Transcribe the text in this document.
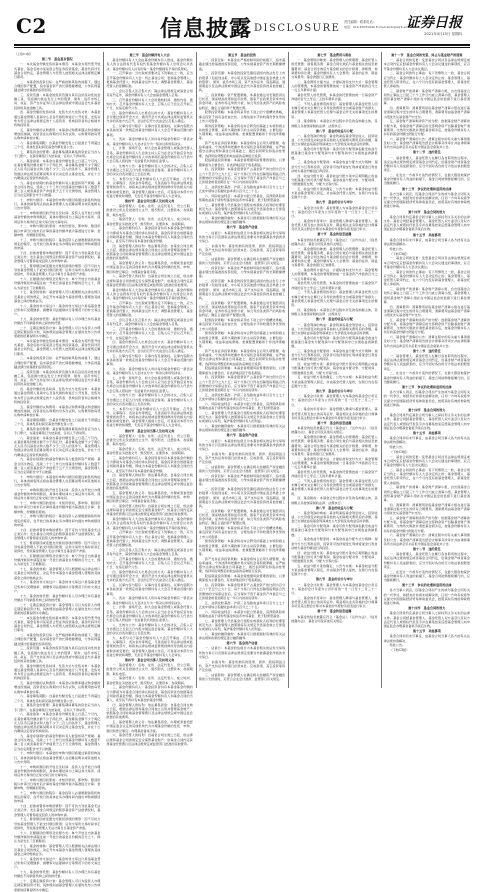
C2	信息披露 DISCLOSURE
责任编辑：联系电话：
电话：010-63070000 E-mail:zqrb@zqrb.sina.net
证券日报
2021年4月15日 星期四

（上接C1版）

第二节　基金基本情况

一、本次基金份额发售的基本情况：本基金为契约型开放式基金，基金名称为某某混合型证券投资基金，基金代码详见基金合同约定，基金管理人与托管人按照相关法律法规规定履行职责。

二、本基金的投资目标：在严格控制风险的前提下，通过合理的资产配置，追求基金资产的长期稳健增值，力争获得超越业绩比较基准的投资回报。

三、投资范围：本基金的投资范围为具有良好流动性的金融工具，包括国内依法发行上市的股票、债券、货币市场工具、权证、资产支持证券以及法律法规或中国证监会允许基金投资的其他金融工具。

四、基金份额的发售时间、发售方式与发售对象：本基金通过基金管理人直销中心及各代销机构进行公开发售，发售对象为符合法律法规规定的个人投资者、机构投资者和合格境外机构投资者。

五、基金份额的认购费用：本基金认购费率随认购金额的增加而递减，投资者在认购期内可多次认购，认购费用按每笔认购申请单独计算。

六、基金募集期限：自基金份额发售之日起最长不得超过三个月，具体发售时间见基金份额发售公告。

七、募集资金的管理：基金募集期间募集的资金应当存入专门账户，在基金募集行为结束前，任何人不得动用。

八、基金备案：本基金自基金份额发售之日起三个月内，在基金募集份额总额不少于两亿份，基金募集金额不少于两亿元人民币且基金认购人数不少于二百人的条件下，基金管理人依据法律法规及招募说明书可以决定停止基金发售，并在十日内聘请法定验资机构验资。

九、基金存续期内的基金份额持有人数量和资产规模：基金合同生效后，连续二十个工作日出现基金份额持有人数量不满二百人或者基金资产净值低于五千万元情形的，基金管理人应当在定期报告中予以披露。

十、申购与赎回：本基金的申购与赎回将通过销售机构进行，具体的销售网点将由基金管理人在招募说明书或其他相关公告中列明。

十一、申购和赎回的开放日及时间：投资人在开放日办理基金份额的申购和赎回，具体办理时间为上海证券交易所、深圳证券交易所的正常交易日的交易时间。

十二、申购与赎回的原则：未知价原则，即申购、赎回价格以申请当日收市后计算的基金份额净值为基准进行计算；金额申购、份额赎回原则。

十三、申购与赎回的程序：基金投资人必须根据销售机构规定的程序，在开放日的具体业务办理时间内提出申购或赎回的申请。

十四、拒绝或暂停申购的情形：因不可抗力导致基金无法正常运作；发生基金合同规定的暂停基金资产估值情况时，基金管理人可暂停接受投资人的申购申请。

十五、暂停赎回或延缓支付赎回款项的情形：因不可抗力导致基金管理人不能支付赎回款项；证券交易所交易时间非正常停市，导致基金管理人无法计算当日基金资产净值。

十六、巨额赎回的情形及处理方式：单个开放日内的基金份额净赎回申请超过前一开放日的基金总份额的百分之十，即认为是发生了巨额赎回。

十七、基金的转换：基金管理人可以根据相关法律法规以及基金合同的规定，决定开办本基金与基金管理人管理的其他基金之间的转换业务。

十八、基金的非交易过户：基金的非交易过户是指基金登记机构只受理继承、捐赠和司法强制执行等情况下的非交易过户。

十九、基金的转托管：基金份额持有人可办理已持有基金份额在不同销售机构之间的转托管。

二十、定期定额投资计划：基金管理人可以为投资人办理定期定额投资计划，具体规则由基金管理人在届时发布公告或更新的招募说明书中确定。

一、本次基金份额发售的基本情况：本基金为契约型开放式基金，基金名称为某某混合型证券投资基金，基金代码详见基金合同约定，基金管理人与托管人按照相关法律法规规定履行职责。

二、本基金的投资目标：在严格控制风险的前提下，通过合理的资产配置，追求基金资产的长期稳健增值，力争获得超越业绩比较基准的投资回报。

三、投资范围：本基金的投资范围为具有良好流动性的金融工具，包括国内依法发行上市的股票、债券、货币市场工具、权证、资产支持证券以及法律法规或中国证监会允许基金投资的其他金融工具。

四、基金份额的发售时间、发售方式与发售对象：本基金通过基金管理人直销中心及各代销机构进行公开发售，发售对象为符合法律法规规定的个人投资者、机构投资者和合格境外机构投资者。

五、基金份额的认购费用：本基金认购费率随认购金额的增加而递减，投资者在认购期内可多次认购，认购费用按每笔认购申请单独计算。

六、基金募集期限：自基金份额发售之日起最长不得超过三个月，具体发售时间见基金份额发售公告。

七、募集资金的管理：基金募集期间募集的资金应当存入专门账户，在基金募集行为结束前，任何人不得动用。

八、基金备案：本基金自基金份额发售之日起三个月内，在基金募集份额总额不少于两亿份，基金募集金额不少于两亿元人民币且基金认购人数不少于二百人的条件下，基金管理人依据法律法规及招募说明书可以决定停止基金发售，并在十日内聘请法定验资机构验资。

九、基金存续期内的基金份额持有人数量和资产规模：基金合同生效后，连续二十个工作日出现基金份额持有人数量不满二百人或者基金资产净值低于五千万元情形的，基金管理人应当在定期报告中予以披露。

十、申购与赎回：本基金的申购与赎回将通过销售机构进行，具体的销售网点将由基金管理人在招募说明书或其他相关公告中列明。

十一、申购和赎回的开放日及时间：投资人在开放日办理基金份额的申购和赎回，具体办理时间为上海证券交易所、深圳证券交易所的正常交易日的交易时间。

十二、申购与赎回的原则：未知价原则，即申购、赎回价格以申请当日收市后计算的基金份额净值为基准进行计算；金额申购、份额赎回原则。

十三、申购与赎回的程序：基金投资人必须根据销售机构规定的程序，在开放日的具体业务办理时间内提出申购或赎回的申请。

十四、拒绝或暂停申购的情形：因不可抗力导致基金无法正常运作；发生基金合同规定的暂停基金资产估值情况时，基金管理人可暂停接受投资人的申购申请。

十五、暂停赎回或延缓支付赎回款项的情形：因不可抗力导致基金管理人不能支付赎回款项；证券交易所交易时间非正常停市，导致基金管理人无法计算当日基金资产净值。

十六、巨额赎回的情形及处理方式：单个开放日内的基金份额净赎回申请超过前一开放日的基金总份额的百分之十，即认为是发生了巨额赎回。

十七、基金的转换：基金管理人可以根据相关法律法规以及基金合同的规定，决定开办本基金与基金管理人管理的其他基金之间的转换业务。

十八、基金的非交易过户：基金的非交易过户是指基金登记机构只受理继承、捐赠和司法强制执行等情况下的非交易过户。

十九、基金的转托管：基金份额持有人可办理已持有基金份额在不同销售机构之间的转托管。

二十、定期定额投资计划：基金管理人可以为投资人办理定期定额投资计划，具体规则由基金管理人在届时发布公告或更新的招募说明书中确定。

一、本次基金份额发售的基本情况：本基金为契约型开放式基金，基金名称为某某混合型证券投资基金，基金代码详见基金合同约定，基金管理人与托管人按照相关法律法规规定履行职责。

二、本基金的投资目标：在严格控制风险的前提下，通过合理的资产配置，追求基金资产的长期稳健增值，力争获得超越业绩比较基准的投资回报。

三、投资范围：本基金的投资范围为具有良好流动性的金融工具，包括国内依法发行上市的股票、债券、货币市场工具、权证、资产支持证券以及法律法规或中国证监会允许基金投资的其他金融工具。

四、基金份额的发售时间、发售方式与发售对象：本基金通过基金管理人直销中心及各代销机构进行公开发售，发售对象为符合法律法规规定的个人投资者、机构投资者和合格境外机构投资者。

五、基金份额的认购费用：本基金认购费率随认购金额的增加而递减，投资者在认购期内可多次认购，认购费用按每笔认购申请单独计算。

六、基金募集期限：自基金份额发售之日起最长不得超过三个月，具体发售时间见基金份额发售公告。

七、募集资金的管理：基金募集期间募集的资金应当存入专门账户，在基金募集行为结束前，任何人不得动用。

八、基金备案：本基金自基金份额发售之日起三个月内，在基金募集份额总额不少于两亿份，基金募集金额不少于两亿元人民币且基金认购人数不少于二百人的条件下，基金管理人依据法律法规及招募说明书可以决定停止基金发售，并在十日内聘请法定验资机构验资。

九、基金存续期内的基金份额持有人数量和资产规模：基金合同生效后，连续二十个工作日出现基金份额持有人数量不满二百人或者基金资产净值低于五千万元情形的，基金管理人应当在定期报告中予以披露。

十、申购与赎回：本基金的申购与赎回将通过销售机构进行，具体的销售网点将由基金管理人在招募说明书或其他相关公告中列明。

十一、申购和赎回的开放日及时间：投资人在开放日办理基金份额的申购和赎回，具体办理时间为上海证券交易所、深圳证券交易所的正常交易日的交易时间。

十二、申购与赎回的原则：未知价原则，即申购、赎回价格以申请当日收市后计算的基金份额净值为基准进行计算；金额申购、份额赎回原则。

十三、申购与赎回的程序：基金投资人必须根据销售机构规定的程序，在开放日的具体业务办理时间内提出申购或赎回的申请。

十四、拒绝或暂停申购的情形：因不可抗力导致基金无法正常运作；发生基金合同规定的暂停基金资产估值情况时，基金管理人可暂停接受投资人的申购申请。

十五、暂停赎回或延缓支付赎回款项的情形：因不可抗力导致基金管理人不能支付赎回款项；证券交易所交易时间非正常停市，导致基金管理人无法计算当日基金资产净值。

十六、巨额赎回的情形及处理方式：单个开放日内的基金份额净赎回申请超过前一开放日的基金总份额的百分之十，即认为是发生了巨额赎回。

十七、基金的转换：基金管理人可以根据相关法律法规以及基金合同的规定，决定开办本基金与基金管理人管理的其他基金之间的转换业务。

十八、基金的非交易过户：基金的非交易过户是指基金登记机构只受理继承、捐赠和司法强制执行等情况下的非交易过户。

十九、基金的转托管：基金份额持有人可办理已持有基金份额在不同销售机构之间的转托管。

二十、定期定额投资计划：基金管理人可以为投资人办理定期定额投资计划，具体规则由基金管理人在届时发布公告或更新的招募说明书中确定。

第三节　基金份额持有人大会

基金份额持有人大会由基金份额持有人组成，基金份额持有人的合法授权代表有权代表基金份额持有人出席会议并表决。基金份额持有人持有的每一基金份额拥有平等的投票权。

一、召开事由：当出现或需要决定下列事由之一的，应当召开基金份额持有人大会：终止基金合同；更换基金管理人；更换基金托管人；转换基金运作方式；调整基金管理人、基金托管人的报酬标准。

二、会议召集人及召集方式：除法律法规规定或基金合同另有约定外，基金份额持有人大会由基金管理人召集。

三、召开基金份额持有人大会的通知时间、通知内容、通知方式：召开基金份额持有人大会，召集人应于会议召开前三十日，在指定媒介公告。

四、基金份额持有人出席会议的方式：基金份额持有人大会可通过现场开会方式、通讯开会方式或法律法规和监管机关允许的其他方式召开，会议的召开方式由会议召集人确定。

五、议事内容与程序：议事内容及提案权，议事内容限为本条前述第一款规定的基金份额持有人大会召开事由范围内的事项。

六、表决：基金份额持有人所持每份基金份额有一票表决权。基金份额持有人大会决议分为一般决议和特别决议。

七、计票：现场开会，如大会由基金管理人或基金托管人召集，基金份额持有人大会的主持人应当在会议开始后宣布在出席会议的基金份额持有人中选举两名基金份额持有人代表与大会召集人授权的一名监督员共同担任监票人。

八、生效与公告：基金份额持有人大会的决议，召集人应当自通过之日起五日内报中国证监会备案。基金份额持有人大会的决议自表决通过之日起生效。

九、本部分关于基金份额持有人大会召开事由、召开条件、议事程序、表决条件等规定，凡是直接引用法律法规或监管规则的部分，如将来法律法规或监管规则修改导致相关内容被取消或变更的，基金管理人提前公告后，可直接对本部分内容进行修改和调整，无需召开基金份额持有人大会审议。

第四节　基金合同当事人及权利义务

一、基金管理人：名称、住所、法定代表人、设立日期、批准设立机关及批准设立文号、组织形式、注册资本、存续期限、联系电话。

二、基金托管人：名称、住所、法定代表人、成立时间、基金托管业务批准文号、组织形式、注册资本、存续期间。

三、基金份额持有人：基金投资者持有本基金基金份额的行为即视为对基金合同的承认和接受，基金投资者自依据基金合同取得基金份额，即成为本基金份额持有人和基金合同的当事人，直至其不再持有本基金的基金份额。

四、基金管理人的权利：依法募集资金；自基金合同生效之日起，根据法律法规和基金合同独立运用并管理基金财产；依照基金合同收取基金管理费以及法律法规规定或中国证监会批准的其他费用。

五、基金管理人的义务：依法募集资金，办理或者委托经中国证监会认定的其他机构代为办理基金份额的发售、申购、赎回和登记事宜；办理基金备案手续。

六、基金托管人的权利：自基金合同生效之日起，依法律法规和基金合同的规定安全保管基金财产；依基金合同约定获得基金托管费以及法律法规规定或监管部门批准的其他费用。

基金份额持有人大会由基金份额持有人组成，基金份额持有人的合法授权代表有权代表基金份额持有人出席会议并表决。基金份额持有人持有的每一基金份额拥有平等的投票权。

一、召开事由：当出现或需要决定下列事由之一的，应当召开基金份额持有人大会：终止基金合同；更换基金管理人；更换基金托管人；转换基金运作方式；调整基金管理人、基金托管人的报酬标准。

二、会议召集人及召集方式：除法律法规规定或基金合同另有约定外，基金份额持有人大会由基金管理人召集。

三、召开基金份额持有人大会的通知时间、通知内容、通知方式：召开基金份额持有人大会，召集人应于会议召开前三十日，在指定媒介公告。

四、基金份额持有人出席会议的方式：基金份额持有人大会可通过现场开会方式、通讯开会方式或法律法规和监管机关允许的其他方式召开，会议的召开方式由会议召集人确定。

五、议事内容与程序：议事内容及提案权，议事内容限为本条前述第一款规定的基金份额持有人大会召开事由范围内的事项。

六、表决：基金份额持有人所持每份基金份额有一票表决权。基金份额持有人大会决议分为一般决议和特别决议。

七、计票：现场开会，如大会由基金管理人或基金托管人召集，基金份额持有人大会的主持人应当在会议开始后宣布在出席会议的基金份额持有人中选举两名基金份额持有人代表与大会召集人授权的一名监督员共同担任监票人。

八、生效与公告：基金份额持有人大会的决议，召集人应当自通过之日起五日内报中国证监会备案。基金份额持有人大会的决议自表决通过之日起生效。

九、本部分关于基金份额持有人大会召开事由、召开条件、议事程序、表决条件等规定，凡是直接引用法律法规或监管规则的部分，如将来法律法规或监管规则修改导致相关内容被取消或变更的，基金管理人提前公告后，可直接对本部分内容进行修改和调整，无需召开基金份额持有人大会审议。

第四节　基金合同当事人及权利义务

一、基金管理人：名称、住所、法定代表人、设立日期、批准设立机关及批准设立文号、组织形式、注册资本、存续期限、联系电话。

二、基金托管人：名称、住所、法定代表人、成立时间、基金托管业务批准文号、组织形式、注册资本、存续期间。

三、基金份额持有人：基金投资者持有本基金基金份额的行为即视为对基金合同的承认和接受，基金投资者自依据基金合同取得基金份额，即成为本基金份额持有人和基金合同的当事人，直至其不再持有本基金的基金份额。

四、基金管理人的权利：依法募集资金；自基金合同生效之日起，根据法律法规和基金合同独立运用并管理基金财产；依照基金合同收取基金管理费以及法律法规规定或中国证监会批准的其他费用。

五、基金管理人的义务：依法募集资金，办理或者委托经中国证监会认定的其他机构代为办理基金份额的发售、申购、赎回和登记事宜；办理基金备案手续。

六、基金托管人的权利：自基金合同生效之日起，依法律法规和基金合同的规定安全保管基金财产；依基金合同约定获得基金托管费以及法律法规规定或监管部门批准的其他费用。

基金份额持有人大会由基金份额持有人组成，基金份额持有人的合法授权代表有权代表基金份额持有人出席会议并表决。基金份额持有人持有的每一基金份额拥有平等的投票权。

一、召开事由：当出现或需要决定下列事由之一的，应当召开基金份额持有人大会：终止基金合同；更换基金管理人；更换基金托管人；转换基金运作方式；调整基金管理人、基金托管人的报酬标准。

二、会议召集人及召集方式：除法律法规规定或基金合同另有约定外，基金份额持有人大会由基金管理人召集。

三、召开基金份额持有人大会的通知时间、通知内容、通知方式：召开基金份额持有人大会，召集人应于会议召开前三十日，在指定媒介公告。

四、基金份额持有人出席会议的方式：基金份额持有人大会可通过现场开会方式、通讯开会方式或法律法规和监管机关允许的其他方式召开，会议的召开方式由会议召集人确定。

五、议事内容与程序：议事内容及提案权，议事内容限为本条前述第一款规定的基金份额持有人大会召开事由范围内的事项。

六、表决：基金份额持有人所持每份基金份额有一票表决权。基金份额持有人大会决议分为一般决议和特别决议。

七、计票：现场开会，如大会由基金管理人或基金托管人召集，基金份额持有人大会的主持人应当在会议开始后宣布在出席会议的基金份额持有人中选举两名基金份额持有人代表与大会召集人授权的一名监督员共同担任监票人。

八、生效与公告：基金份额持有人大会的决议，召集人应当自通过之日起五日内报中国证监会备案。基金份额持有人大会的决议自表决通过之日起生效。

九、本部分关于基金份额持有人大会召开事由、召开条件、议事程序、表决条件等规定，凡是直接引用法律法规或监管规则的部分，如将来法律法规或监管规则修改导致相关内容被取消或变更的，基金管理人提前公告后，可直接对本部分内容进行修改和调整，无需召开基金份额持有人大会审议。

第四节　基金合同当事人及权利义务

一、基金管理人：名称、住所、法定代表人、设立日期、批准设立机关及批准设立文号、组织形式、注册资本、存续期限、联系电话。

二、基金托管人：名称、住所、法定代表人、成立时间、基金托管业务批准文号、组织形式、注册资本、存续期间。

三、基金份额持有人：基金投资者持有本基金基金份额的行为即视为对基金合同的承认和接受，基金投资者自依据基金合同取得基金份额，即成为本基金份额持有人和基金合同的当事人，直至其不再持有本基金的基金份额。

四、基金管理人的权利：依法募集资金；自基金合同生效之日起，根据法律法规和基金合同独立运用并管理基金财产；依照基金合同收取基金管理费以及法律法规规定或中国证监会批准的其他费用。

五、基金管理人的义务：依法募集资金，办理或者委托经中国证监会认定的其他机构代为办理基金份额的发售、申购、赎回和登记事宜；办理基金备案手续。

六、基金托管人的权利：自基金合同生效之日起，依法律法规和基金合同的规定安全保管基金财产；依基金合同约定获得基金托管费以及法律法规规定或监管部门批准的其他费用。

第五节　基金的投资

一、投资目标：本基金在严格控制风险的前提下，追求超越业绩比较基准的投资回报，力争实现基金资产的长期稳健增值。

二、投资范围：本基金的投资范围包括国内依法发行上市的股票（包括创业板、中小板以及其他经中国证监会核准上市的股票）、债券、货币市场工具、资产支持证券、股指期货、国债期货以及法律法规或中国证监会允许基金投资的其他金融工具。

三、投资策略：资产配置策略，本基金通过对宏观经济运行状况、国家财政政策和货币政策、国家产业政策及资本市场资金环境、证券市场走势的分析，综合考虑各类资产的风险收益特征，确定合适的资产配置比例。

股票投资策略：本基金将采用自下而上的个股精选策略，重点投资于具有良好成长性、合理估值水平和较强竞争优势的上市公司股票。

债券投资策略：本基金将在综合研究的基础上实施积极主动的组合管理，采用久期控制下的主动投资策略，主要包括：久期策略、收益率曲线策略、类属配置策略和个券选择策略等。

资产支持证券投资策略：本基金将综合运用久期管理、收益率曲线、个券选择和把握市场交易机会等积极策略，在严格遵守法律法规和基金合同基础上，通过信用研究和流动性管理，选择风险调整后的收益高的品种进行投资。

股指期货投资策略：本基金将根据风险管理的原则，以套期保值为主要目的，有选择地投资于股指期货。

四、投资限制：本基金股票资产占基金资产的比例为百分之六十至百分之九十五；每个交易日日终在扣除股指期货合约需缴纳的交易保证金后，应当保持不低于基金资产净值百分之五的现金或者到期日在一年以内的政府债券。

五、业绩比较基准：沪深三百指数收益率乘以百分之七十五加中债综合指数收益率乘以百分之二十五。

六、风险收益特征：本基金为混合型基金，其预期风险和预期收益高于债券型基金和货币市场基金，低于股票型基金。

七、基金管理人代表基金行使股东或债权人权利的处理原则及方法：基金管理人按照国家有关规定代表基金独立行使股东或债权人权利，保护基金份额持有人的利益。

八、基金的融资融券：本基金可以根据届时有效的有关法律法规和政策的规定进行融资融券。

第六节　基金资产估值

一、估值日：本基金的估值日为本基金相关的证券交易场所的交易日以及国家法律法规规定需要对外披露基金净值的非交易日。

二、估值对象：基金所拥有的股票、债券、股指期货合约、资产支持证券和银行存款本息、应收款项、其它投资等资产及负债。

三、估值原则：基金管理人在确定相关金融资产和金融负债的公允价值时，应符合企业会计准则、监管部门有关规定。

一、投资目标：本基金在严格控制风险的前提下，追求超越业绩比较基准的投资回报，力争实现基金资产的长期稳健增值。

二、投资范围：本基金的投资范围包括国内依法发行上市的股票（包括创业板、中小板以及其他经中国证监会核准上市的股票）、债券、货币市场工具、资产支持证券、股指期货、国债期货以及法律法规或中国证监会允许基金投资的其他金融工具。

三、投资策略：资产配置策略，本基金通过对宏观经济运行状况、国家财政政策和货币政策、国家产业政策及资本市场资金环境、证券市场走势的分析，综合考虑各类资产的风险收益特征，确定合适的资产配置比例。

股票投资策略：本基金将采用自下而上的个股精选策略，重点投资于具有良好成长性、合理估值水平和较强竞争优势的上市公司股票。

债券投资策略：本基金将在综合研究的基础上实施积极主动的组合管理，采用久期控制下的主动投资策略，主要包括：久期策略、收益率曲线策略、类属配置策略和个券选择策略等。

资产支持证券投资策略：本基金将综合运用久期管理、收益率曲线、个券选择和把握市场交易机会等积极策略，在严格遵守法律法规和基金合同基础上，通过信用研究和流动性管理，选择风险调整后的收益高的品种进行投资。

股指期货投资策略：本基金将根据风险管理的原则，以套期保值为主要目的，有选择地投资于股指期货。

四、投资限制：本基金股票资产占基金资产的比例为百分之六十至百分之九十五；每个交易日日终在扣除股指期货合约需缴纳的交易保证金后，应当保持不低于基金资产净值百分之五的现金或者到期日在一年以内的政府债券。

五、业绩比较基准：沪深三百指数收益率乘以百分之七十五加中债综合指数收益率乘以百分之二十五。

六、风险收益特征：本基金为混合型基金，其预期风险和预期收益高于债券型基金和货币市场基金，低于股票型基金。

七、基金管理人代表基金行使股东或债权人权利的处理原则及方法：基金管理人按照国家有关规定代表基金独立行使股东或债权人权利，保护基金份额持有人的利益。

八、基金的融资融券：本基金可以根据届时有效的有关法律法规和政策的规定进行融资融券。

第六节　基金资产估值

一、估值日：本基金的估值日为本基金相关的证券交易场所的交易日以及国家法律法规规定需要对外披露基金净值的非交易日。

二、估值对象：基金所拥有的股票、债券、股指期货合约、资产支持证券和银行存款本息、应收款项、其它投资等资产及负债。

三、估值原则：基金管理人在确定相关金融资产和金融负债的公允价值时，应符合企业会计准则、监管部门有关规定。

一、投资目标：本基金在严格控制风险的前提下，追求超越业绩比较基准的投资回报，力争实现基金资产的长期稳健增值。

二、投资范围：本基金的投资范围包括国内依法发行上市的股票（包括创业板、中小板以及其他经中国证监会核准上市的股票）、债券、货币市场工具、资产支持证券、股指期货、国债期货以及法律法规或中国证监会允许基金投资的其他金融工具。

三、投资策略：资产配置策略，本基金通过对宏观经济运行状况、国家财政政策和货币政策、国家产业政策及资本市场资金环境、证券市场走势的分析，综合考虑各类资产的风险收益特征，确定合适的资产配置比例。

股票投资策略：本基金将采用自下而上的个股精选策略，重点投资于具有良好成长性、合理估值水平和较强竞争优势的上市公司股票。

债券投资策略：本基金将在综合研究的基础上实施积极主动的组合管理，采用久期控制下的主动投资策略，主要包括：久期策略、收益率曲线策略、类属配置策略和个券选择策略等。

资产支持证券投资策略：本基金将综合运用久期管理、收益率曲线、个券选择和把握市场交易机会等积极策略，在严格遵守法律法规和基金合同基础上，通过信用研究和流动性管理，选择风险调整后的收益高的品种进行投资。

股指期货投资策略：本基金将根据风险管理的原则，以套期保值为主要目的，有选择地投资于股指期货。

四、投资限制：本基金股票资产占基金资产的比例为百分之六十至百分之九十五；每个交易日日终在扣除股指期货合约需缴纳的交易保证金后，应当保持不低于基金资产净值百分之五的现金或者到期日在一年以内的政府债券。

五、业绩比较基准：沪深三百指数收益率乘以百分之七十五加中债综合指数收益率乘以百分之二十五。

六、风险收益特征：本基金为混合型基金，其预期风险和预期收益高于债券型基金和货币市场基金，低于股票型基金。

七、基金管理人代表基金行使股东或债权人权利的处理原则及方法：基金管理人按照国家有关规定代表基金独立行使股东或债权人权利，保护基金份额持有人的利益。

八、基金的融资融券：本基金可以根据届时有效的有关法律法规和政策的规定进行融资融券。

第六节　基金资产估值

一、估值日：本基金的估值日为本基金相关的证券交易场所的交易日以及国家法律法规规定需要对外披露基金净值的非交易日。

二、估值对象：基金所拥有的股票、债券、股指期货合约、资产支持证券和银行存款本息、应收款项、其它投资等资产及负债。

三、估值原则：基金管理人在确定相关金融资产和金融负债的公允价值时，应符合企业会计准则、监管部门有关规定。

第七节　基金费用与税收

一、基金费用的种类：基金管理人的管理费；基金托管人的托管费；销售服务费；基金合同生效后与基金相关的信息披露费用；基金合同生效后与基金相关的会计师费、律师费、仲裁费和诉讼费；基金份额持有人大会费用；基金的证券、期货交易费用；基金的银行汇划费用。

二、基金费用计提方法、计提标准和支付方式：基金管理人的管理费，本基金的管理费按前一日基金资产净值的百分之一点五年费率计提。

基金托管人的托管费，本基金的托管费按前一日基金资产净值的百分之零点二五的年费率计提。

三、不列入基金费用的项目：基金管理人和基金托管人因未履行或未完全履行义务导致的费用支出或基金财产的损失；基金管理人和基金托管人处理与基金运作无关的事项发生的费用。

四、基金税收：本基金运作过程中涉及的各纳税主体，其纳税义务按国家税收法律、法规执行。

第八节　基金的收益与分配

一、基金利润的构成：基金利润指基金利息收入、投资收益、公允价值变动收益和其他收入扣除相关费用后的余额，基金已实现收益指基金利润减去公允价值变动收益后的余额。

二、基金可供分配利润：基金可供分配利润指截至收益分配基准日基金未分配利润与未分配利润中已实现收益的孰低数。

三、基金收益分配原则：本基金收益分配方式分两种：现金分红与红利再投资，投资者可选择现金红利或将现金红利自动转为基金份额进行再投资。

四、收益分配方案：基金收益分配方案中应载明截止收益分配基准日的可供分配利润、基金收益分配对象、分配时间、分配数额及比例、分配方式等内容。

五、收益分配方案的确定、公告与实施：本基金收益分配方案由基金管理人拟定，并由基金托管人复核，在两日内在指定媒介公告。

第九节　基金的会计与审计

一、基金会计政策：基金管理人为本基金的基金会计责任方；基金的会计年度为公历年度的一月一日至十二月三十一日。

二、基金的年度审计：基金管理人聘请与基金管理人、基金托管人相互独立的具有证券、期货相关业务资格的会计师事务所及其注册会计师对本基金的年度财务报表进行审计。

第十节　基金的信息披露

本基金的信息披露应符合《基金法》、《运作办法》、《信息披露办法》、基金合同及其他有关规定。

一、基金费用的种类：基金管理人的管理费；基金托管人的托管费；销售服务费；基金合同生效后与基金相关的信息披露费用；基金合同生效后与基金相关的会计师费、律师费、仲裁费和诉讼费；基金份额持有人大会费用；基金的证券、期货交易费用；基金的银行汇划费用。

二、基金费用计提方法、计提标准和支付方式：基金管理人的管理费，本基金的管理费按前一日基金资产净值的百分之一点五年费率计提。

基金托管人的托管费，本基金的托管费按前一日基金资产净值的百分之零点二五的年费率计提。

三、不列入基金费用的项目：基金管理人和基金托管人因未履行或未完全履行义务导致的费用支出或基金财产的损失；基金管理人和基金托管人处理与基金运作无关的事项发生的费用。

四、基金税收：本基金运作过程中涉及的各纳税主体，其纳税义务按国家税收法律、法规执行。

第八节　基金的收益与分配

一、基金利润的构成：基金利润指基金利息收入、投资收益、公允价值变动收益和其他收入扣除相关费用后的余额，基金已实现收益指基金利润减去公允价值变动收益后的余额。

二、基金可供分配利润：基金可供分配利润指截至收益分配基准日基金未分配利润与未分配利润中已实现收益的孰低数。

三、基金收益分配原则：本基金收益分配方式分两种：现金分红与红利再投资，投资者可选择现金红利或将现金红利自动转为基金份额进行再投资。

四、收益分配方案：基金收益分配方案中应载明截止收益分配基准日的可供分配利润、基金收益分配对象、分配时间、分配数额及比例、分配方式等内容。

五、收益分配方案的确定、公告与实施：本基金收益分配方案由基金管理人拟定，并由基金托管人复核，在两日内在指定媒介公告。

第九节　基金的会计与审计

一、基金会计政策：基金管理人为本基金的基金会计责任方；基金的会计年度为公历年度的一月一日至十二月三十一日。

二、基金的年度审计：基金管理人聘请与基金管理人、基金托管人相互独立的具有证券、期货相关业务资格的会计师事务所及其注册会计师对本基金的年度财务报表进行审计。

第十节　基金的信息披露

本基金的信息披露应符合《基金法》、《运作办法》、《信息披露办法》、基金合同及其他有关规定。

一、基金费用的种类：基金管理人的管理费；基金托管人的托管费；销售服务费；基金合同生效后与基金相关的信息披露费用；基金合同生效后与基金相关的会计师费、律师费、仲裁费和诉讼费；基金份额持有人大会费用；基金的证券、期货交易费用；基金的银行汇划费用。

二、基金费用计提方法、计提标准和支付方式：基金管理人的管理费，本基金的管理费按前一日基金资产净值的百分之一点五年费率计提。

基金托管人的托管费，本基金的托管费按前一日基金资产净值的百分之零点二五的年费率计提。

三、不列入基金费用的项目：基金管理人和基金托管人因未履行或未完全履行义务导致的费用支出或基金财产的损失；基金管理人和基金托管人处理与基金运作无关的事项发生的费用。

四、基金税收：本基金运作过程中涉及的各纳税主体，其纳税义务按国家税收法律、法规执行。

第八节　基金的收益与分配

一、基金利润的构成：基金利润指基金利息收入、投资收益、公允价值变动收益和其他收入扣除相关费用后的余额，基金已实现收益指基金利润减去公允价值变动收益后的余额。

二、基金可供分配利润：基金可供分配利润指截至收益分配基准日基金未分配利润与未分配利润中已实现收益的孰低数。

三、基金收益分配原则：本基金收益分配方式分两种：现金分红与红利再投资，投资者可选择现金红利或将现金红利自动转为基金份额进行再投资。

四、收益分配方案：基金收益分配方案中应载明截止收益分配基准日的可供分配利润、基金收益分配对象、分配时间、分配数额及比例、分配方式等内容。

五、收益分配方案的确定、公告与实施：本基金收益分配方案由基金管理人拟定，并由基金托管人复核，在两日内在指定媒介公告。

第九节　基金的会计与审计

一、基金会计政策：基金管理人为本基金的基金会计责任方；基金的会计年度为公历年度的一月一日至十二月三十一日。

二、基金的年度审计：基金管理人聘请与基金管理人、基金托管人相互独立的具有证券、期货相关业务资格的会计师事务所及其注册会计师对本基金的年度财务报表进行审计。

第十节　基金的信息披露

本基金的信息披露应符合《基金法》、《运作办法》、《信息披露办法》、基金合同及其他有关规定。

第十一节　基金合同的变更、终止与基金财产的清算

一、基金合同的变更：变更基金合同涉及法律法规规定或本合同约定应经基金份额持有人大会决议通过的事项的，应召开基金份额持有人大会决议通过。

二、基金合同的终止事由：有下列情形之一的，基金合同应当终止：基金份额持有人大会决定终止的；基金管理人、基金托管人职责终止，在六个月内没有新基金管理人、新基金托管人承接的。

三、基金财产的清算：基金财产清算小组，自出现基金合同终止事由之日起三十个工作日内成立清算小组，基金管理人组织基金财产清算小组并在中国证监会的监督下进行基金清算。

四、清算费用：清算费用是指基金财产清算小组在进行基金清算过程中发生的所有合理费用，清算费用由基金财产清算小组优先从基金财产中支付。

五、基金财产清算剩余资产的分配：依据基金财产清算的分配方案，将基金财产清算后的全部剩余资产扣除基金财产清算费用、交纳所欠税款并清偿基金债务后，按基金份额持有人持有的基金份额比例进行分配。

六、基金财产清算的公告：清算过程中的有关重大事项须及时公告；基金财产清算报告经会计师事务所审计并由律师事务所出具法律意见书后报中国证监会备案并公告。

第十二节　违约责任

一、基金管理人、基金托管人在履行各自职责的过程中，违反法律法规的规定或者基金合同约定，给基金财产或者基金份额持有人造成损害的，应当分别对各自的行为依法承担赔偿责任。

二、在发生一方或多方违约的情况下，在最大限度地保护基金份额持有人利益的前提下，基金合同能够继续履行的，应当继续履行。

第十三节　争议的处理和适用的法律

各方当事人同意，因基金合同而产生的或与基金合同有关的一切争议，如经友好协商未能解决的，任何一方均有权将争议提交中国国际经济贸易仲裁委员会，按照其时有效的仲裁规则进行仲裁。

第十四节　基金合同的效力

基金合同是约定基金合同当事人之间权利义务关系的法律文件。基金合同经基金管理人、基金托管人双方盖章以及双方法定代表人或授权代表签字并在募集结束后经基金管理人向中国证监会办理基金备案手续后生效。

第十五节　其他事项

基金合同如有未尽事宜，由基金合同当事人各方按有关法律法规协商解决。

特此公告。

（下转C3版）

一、基金合同的变更：变更基金合同涉及法律法规规定或本合同约定应经基金份额持有人大会决议通过的事项的，应召开基金份额持有人大会决议通过。

二、基金合同的终止事由：有下列情形之一的，基金合同应当终止：基金份额持有人大会决定终止的；基金管理人、基金托管人职责终止，在六个月内没有新基金管理人、新基金托管人承接的。

三、基金财产的清算：基金财产清算小组，自出现基金合同终止事由之日起三十个工作日内成立清算小组，基金管理人组织基金财产清算小组并在中国证监会的监督下进行基金清算。

四、清算费用：清算费用是指基金财产清算小组在进行基金清算过程中发生的所有合理费用，清算费用由基金财产清算小组优先从基金财产中支付。

五、基金财产清算剩余资产的分配：依据基金财产清算的分配方案，将基金财产清算后的全部剩余资产扣除基金财产清算费用、交纳所欠税款并清偿基金债务后，按基金份额持有人持有的基金份额比例进行分配。

六、基金财产清算的公告：清算过程中的有关重大事项须及时公告；基金财产清算报告经会计师事务所审计并由律师事务所出具法律意见书后报中国证监会备案并公告。

第十二节　违约责任

一、基金管理人、基金托管人在履行各自职责的过程中，违反法律法规的规定或者基金合同约定，给基金财产或者基金份额持有人造成损害的，应当分别对各自的行为依法承担赔偿责任。

二、在发生一方或多方违约的情况下，在最大限度地保护基金份额持有人利益的前提下，基金合同能够继续履行的，应当继续履行。

第十三节　争议的处理和适用的法律

各方当事人同意，因基金合同而产生的或与基金合同有关的一切争议，如经友好协商未能解决的，任何一方均有权将争议提交中国国际经济贸易仲裁委员会，按照其时有效的仲裁规则进行仲裁。

第十四节　基金合同的效力

基金合同是约定基金合同当事人之间权利义务关系的法律文件。基金合同经基金管理人、基金托管人双方盖章以及双方法定代表人或授权代表签字并在募集结束后经基金管理人向中国证监会办理基金备案手续后生效。

第十五节　其他事项

基金合同如有未尽事宜，由基金合同当事人各方按有关法律法规协商解决。

特此公告。

（下转C3版）

一、基金合同的变更：变更基金合同涉及法律法规规定或本合同约定应经基金份额持有人大会决议通过的事项的，应召开基金份额持有人大会决议通过。

二、基金合同的终止事由：有下列情形之一的，基金合同应当终止：基金份额持有人大会决定终止的；基金管理人、基金托管人职责终止，在六个月内没有新基金管理人、新基金托管人承接的。

三、基金财产的清算：基金财产清算小组，自出现基金合同终止事由之日起三十个工作日内成立清算小组，基金管理人组织基金财产清算小组并在中国证监会的监督下进行基金清算。

四、清算费用：清算费用是指基金财产清算小组在进行基金清算过程中发生的所有合理费用，清算费用由基金财产清算小组优先从基金财产中支付。

五、基金财产清算剩余资产的分配：依据基金财产清算的分配方案，将基金财产清算后的全部剩余资产扣除基金财产清算费用、交纳所欠税款并清偿基金债务后，按基金份额持有人持有的基金份额比例进行分配。

六、基金财产清算的公告：清算过程中的有关重大事项须及时公告；基金财产清算报告经会计师事务所审计并由律师事务所出具法律意见书后报中国证监会备案并公告。

第十二节　违约责任

一、基金管理人、基金托管人在履行各自职责的过程中，违反法律法规的规定或者基金合同约定，给基金财产或者基金份额持有人造成损害的，应当分别对各自的行为依法承担赔偿责任。

二、在发生一方或多方违约的情况下，在最大限度地保护基金份额持有人利益的前提下，基金合同能够继续履行的，应当继续履行。

第十三节　争议的处理和适用的法律

各方当事人同意，因基金合同而产生的或与基金合同有关的一切争议，如经友好协商未能解决的，任何一方均有权将争议提交中国国际经济贸易仲裁委员会，按照其时有效的仲裁规则进行仲裁。

第十四节　基金合同的效力

基金合同是约定基金合同当事人之间权利义务关系的法律文件。基金合同经基金管理人、基金托管人双方盖章以及双方法定代表人或授权代表签字并在募集结束后经基金管理人向中国证监会办理基金备案手续后生效。

第十五节　其他事项

基金合同如有未尽事宜，由基金合同当事人各方按有关法律法规协商解决。

特此公告。

（下转C3版）
